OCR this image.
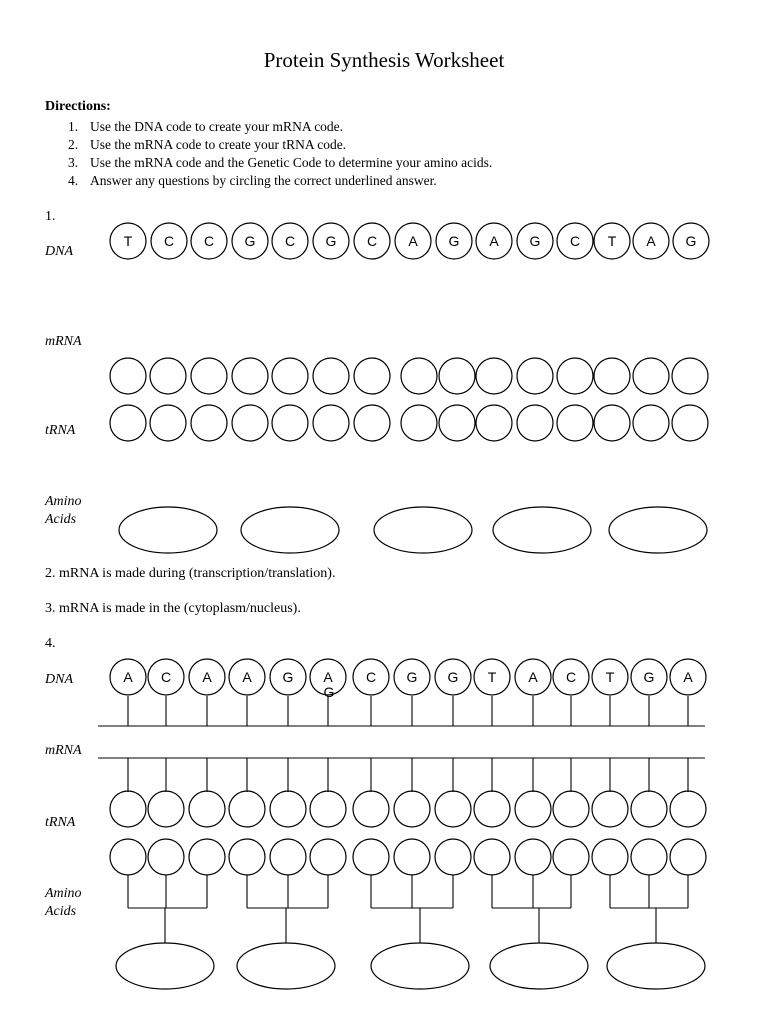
Protein Synthesis Worksheet
Directions:
1. Use the DNA code to create your mRNA code.
2. Use the mRNA code to create your tRNA code.
3. Use the mRNA code and the Genetic Code to determine your amino acids.
4. Answer any questions by circling the correct underlined answer.
1.
DNA
mRNA
tRNA
Amino
Acids
2. mRNA is made during (transcription/translation).
3. mRNA is made in the (cytoplasm/nucleus).
4.
DNA
mRNA
tRNA
Amino
Acids
T C C G C G C A G A G C T A G
A C A A G A C G G T A C T G A
G
